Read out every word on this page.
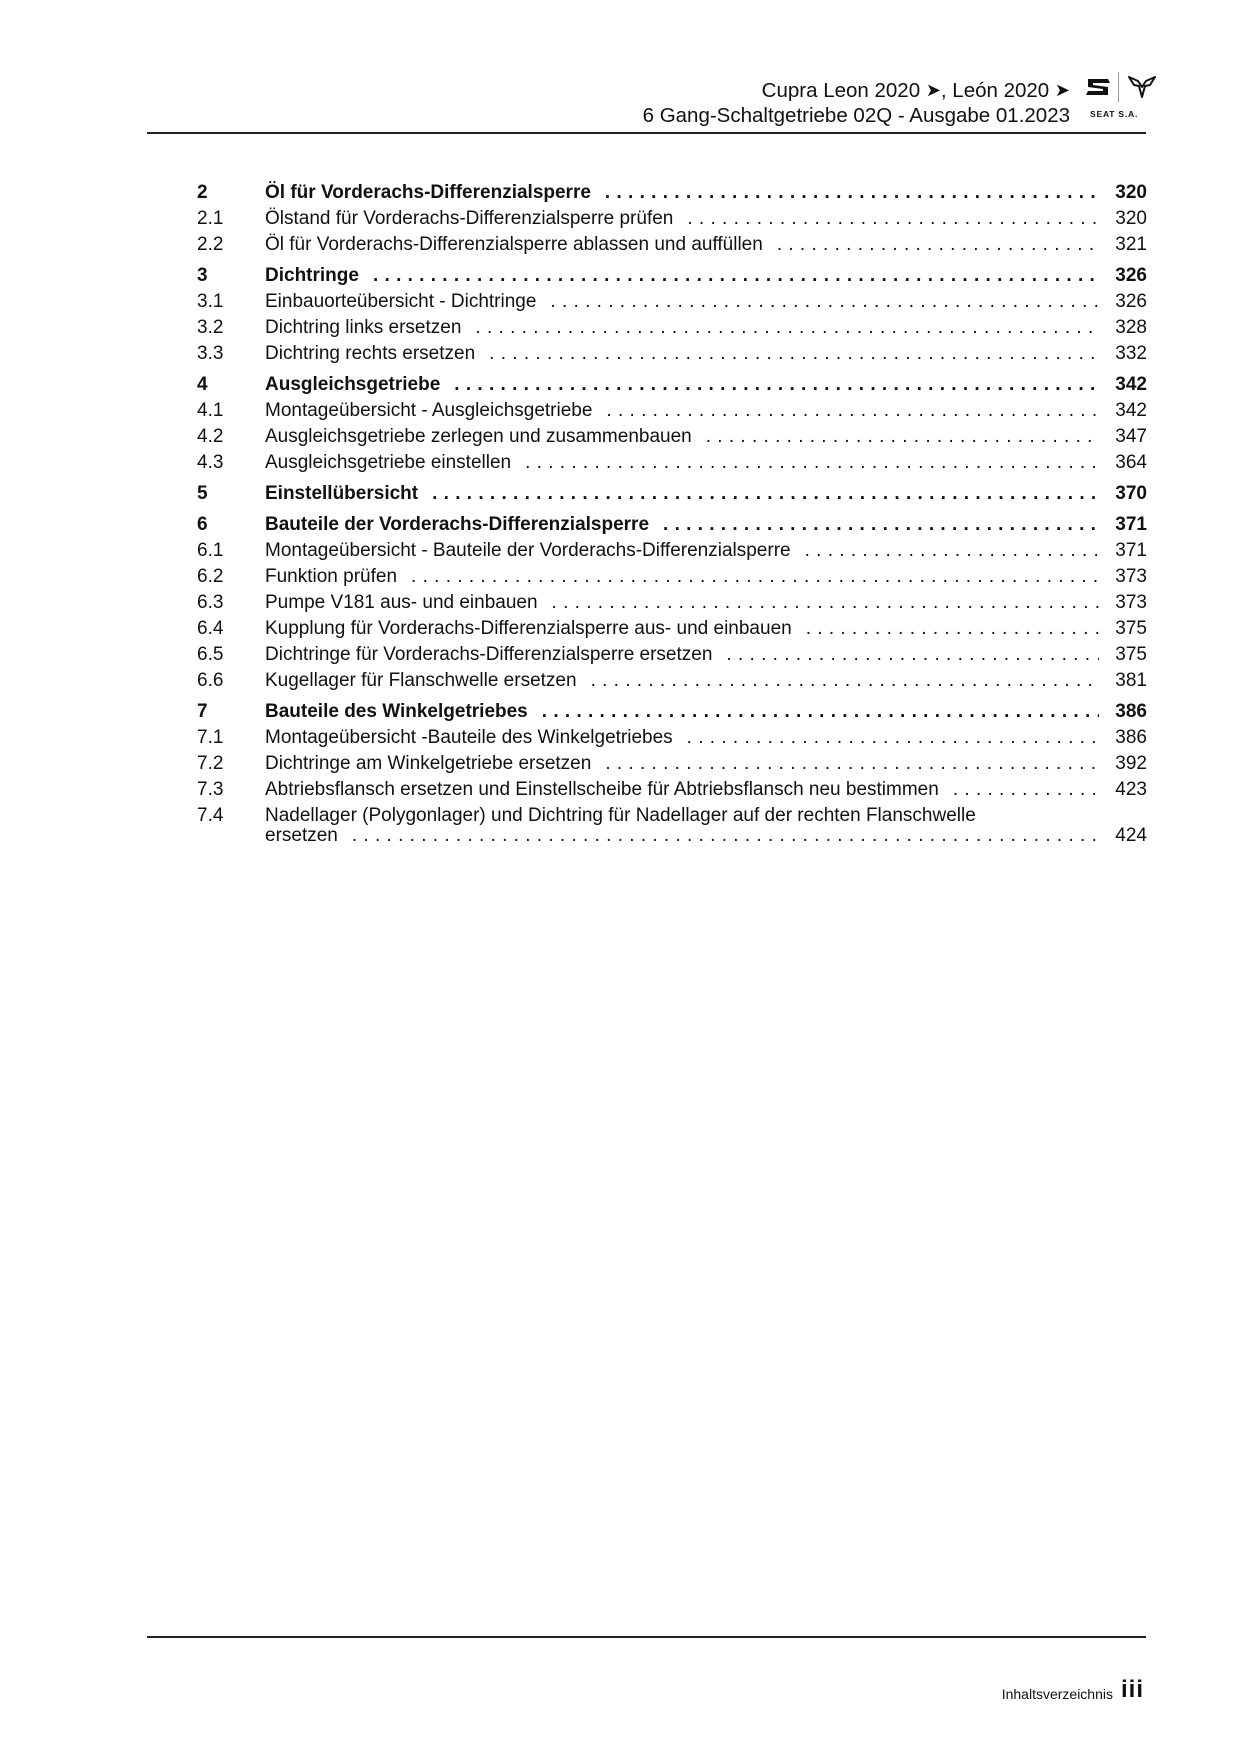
Cupra Leon 2020 ➤, León 2020 ➤
6 Gang-Schaltgetriebe 02Q - Ausgabe 01.2023 SEAT S.A.
2	Öl für Vorderachs-Differenzialsperre . . .	320
2.1 Ölstand für Vorderachs-Differenzialsperre prüfen . . .	320
2.2 Öl für Vorderachs-Differenzialsperre ablassen und auffüllen . . .	321
3	Dichtringe . . .	326
3.1 Einbauorteübersicht - Dichtringe . . .	326
3.2 Dichtring links ersetzen . . .	328
3.3 Dichtring rechts ersetzen . . .	332
4	Ausgleichsgetriebe . . .	342
4.1 Montageübersicht - Ausgleichsgetriebe . . .	342
4.2 Ausgleichsgetriebe zerlegen und zusammenbauen . . .	347
4.3 Ausgleichsgetriebe einstellen . . .	364
5	Einstellübersicht . . .	370
6	Bauteile der Vorderachs-Differenzialsperre . . .	371
6.1 Montageübersicht - Bauteile der Vorderachs-Differenzialsperre . . .	371
6.2 Funktion prüfen . . .	373
6.3 Pumpe V181 aus- und einbauen . . .	373
6.4 Kupplung für Vorderachs-Differenzialsperre aus- und einbauen . . .	375
6.5 Dichtringe für Vorderachs-Differenzialsperre ersetzen . . .	375
6.6 Kugellager für Flanschwelle ersetzen . . .	381
7	Bauteile des Winkelgetriebes . . .	386
7.1 Montageübersicht -Bauteile des Winkelgetriebes . . .	386
7.2 Dichtringe am Winkelgetriebe ersetzen . . .	392
7.3 Abtriebsflansch ersetzen und Einstellscheibe für Abtriebsflansch neu bestimmen . . .	423
7.4 Nadellager (Polygonlager) und Dichtring für Nadellager auf der rechten Flanschwelle
ersetzen . . .	424
Inhaltsverzeichnis iii
